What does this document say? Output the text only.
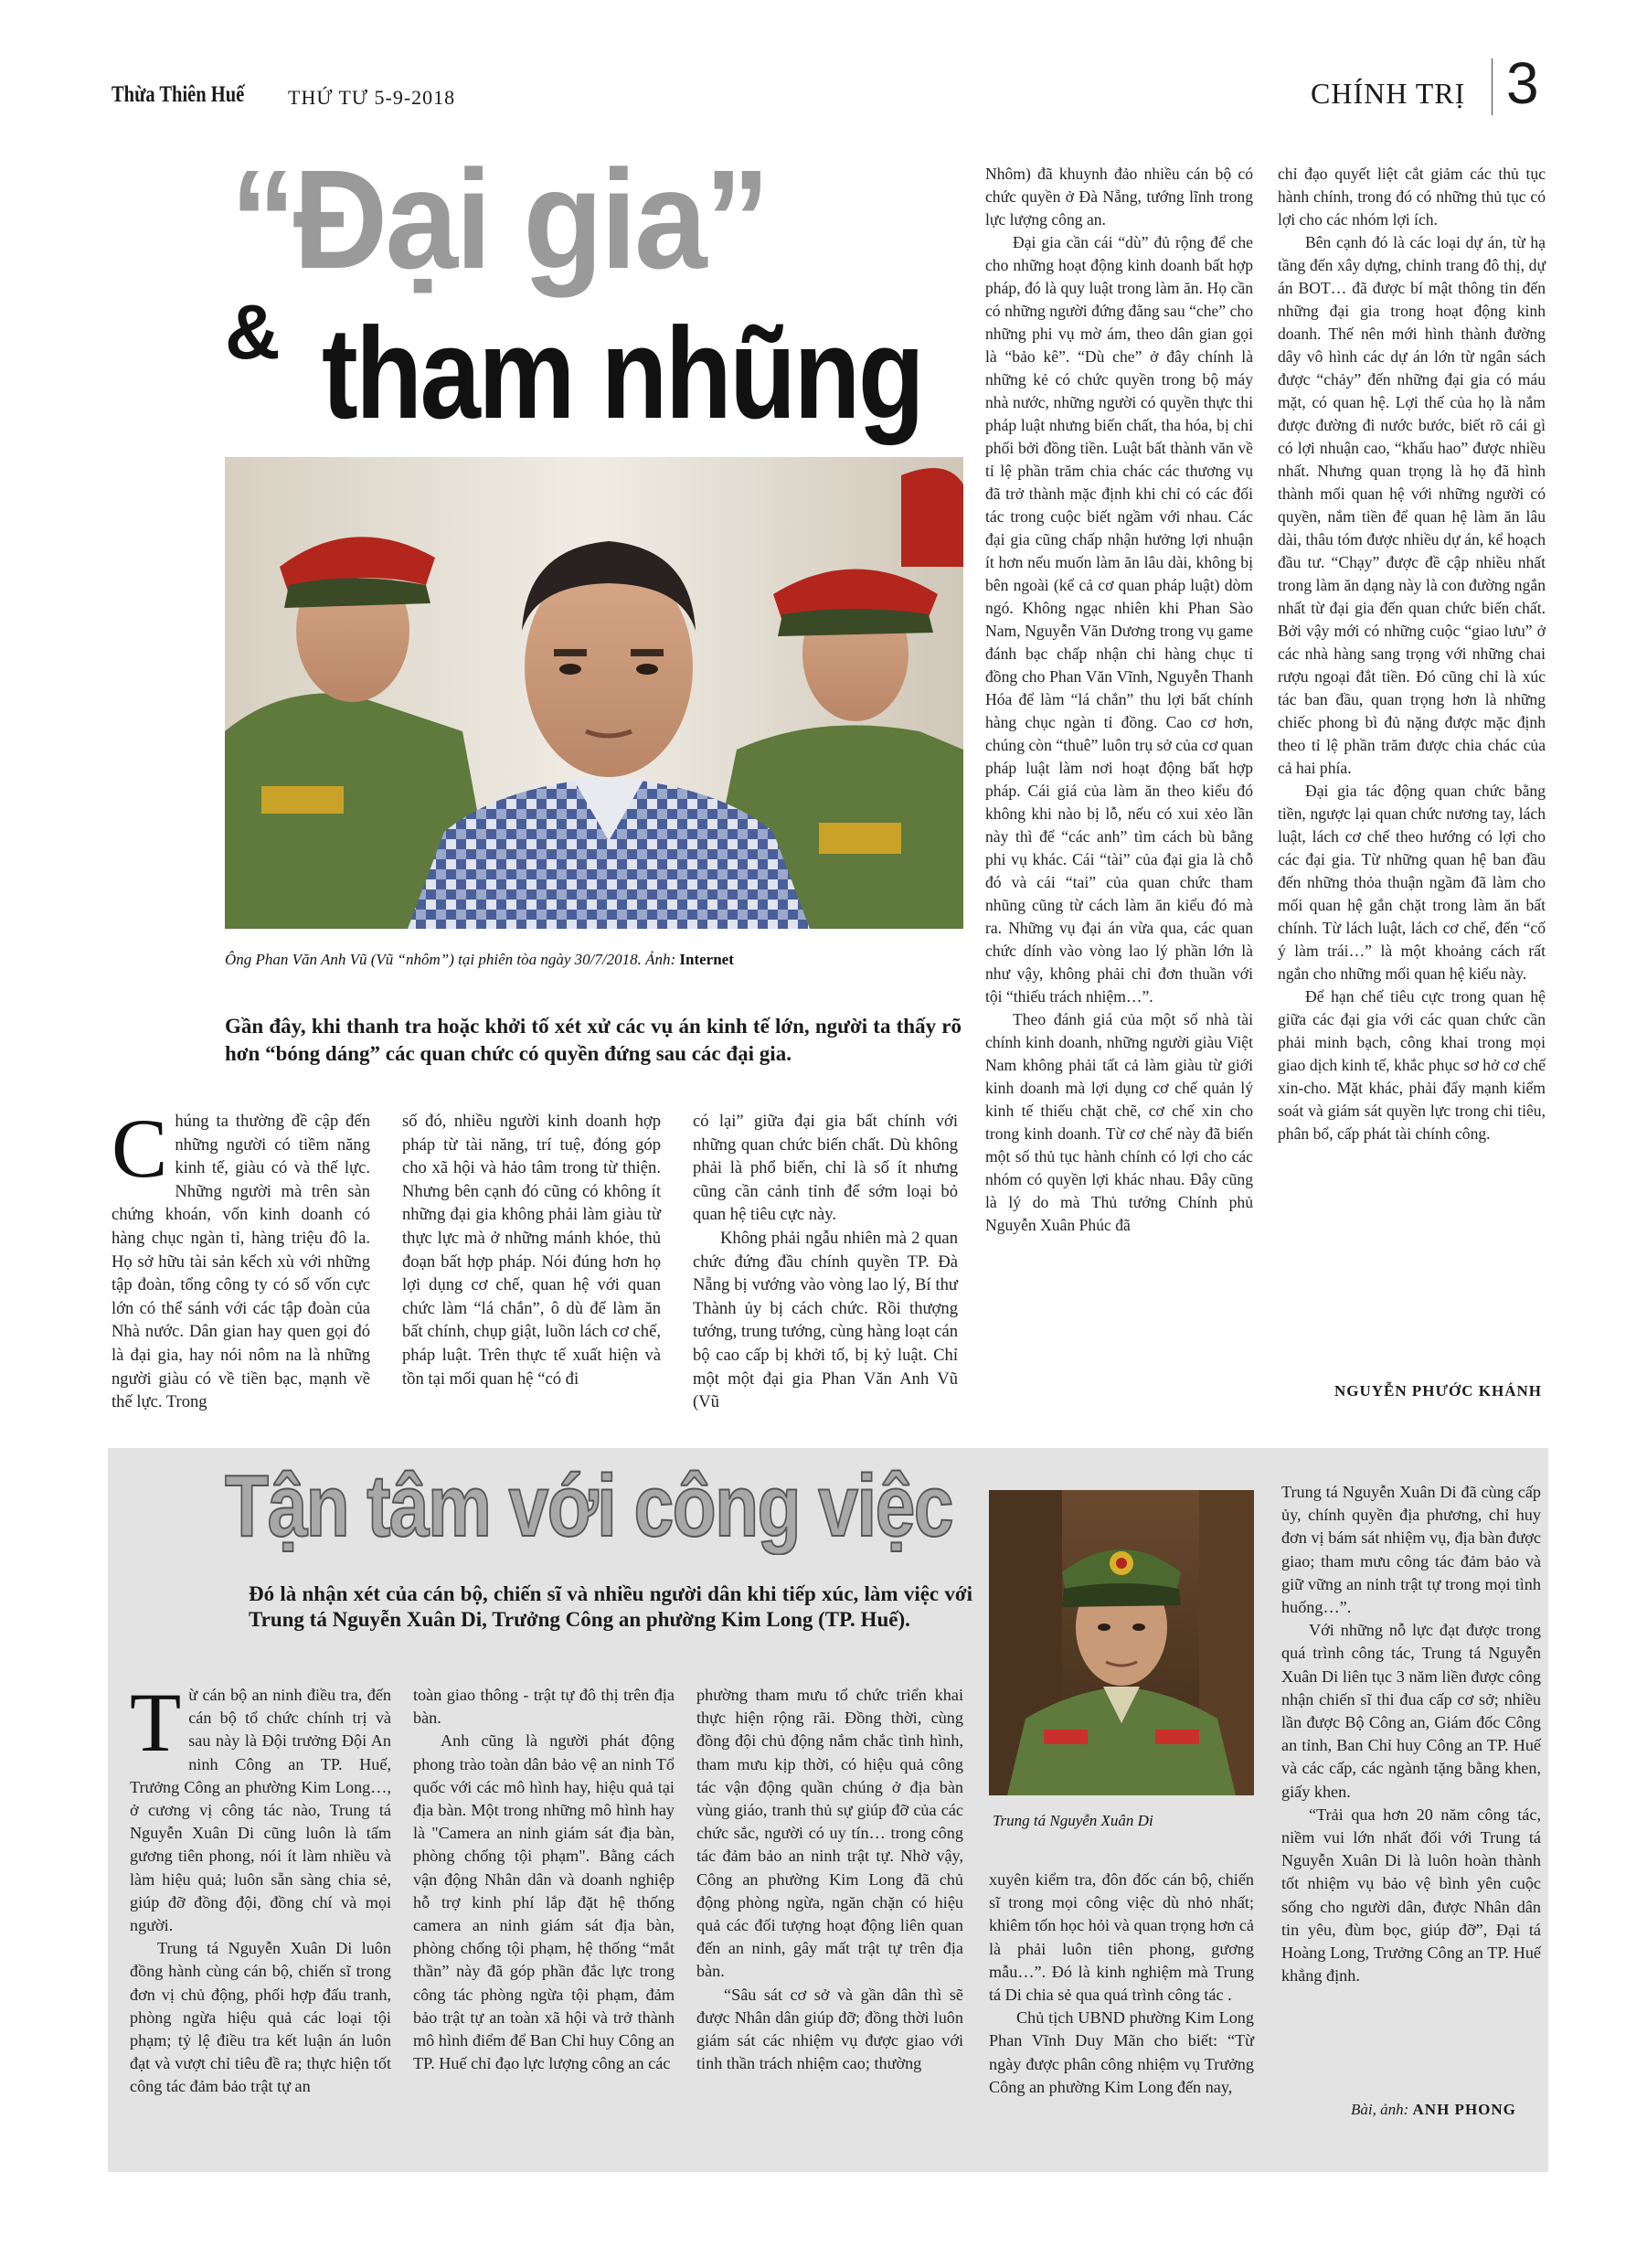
Thừa Thiên Huế THỨ TƯ 5-9-2018	CHÍNH TRỊ 3
“Đại gia”
& tham nhũng
Ông Phan Văn Anh Vũ (Vũ “nhôm”) tại phiên tòa ngày 30/7/2018. Ảnh: Internet
Gần đây, khi thanh tra hoặc khởi tố xét xử các vụ án kinh tế lớn, người ta thấy rõ hơn “bóng dáng” các quan chức có quyền đứng sau các đại gia.

Chúng ta thường đề cập đến những người có tiềm năng kinh tế, giàu có và thế lực. Những người mà trên sàn chứng khoán, vốn kinh doanh có hàng chục ngàn tỉ, hàng triệu đô la. Họ sở hữu tài sản kếch xù với những tập đoàn, tổng công ty có số vốn cực lớn có thể sánh với các tập đoàn của Nhà nước. Dân gian hay quen gọi đó là đại gia, hay nói nôm na là những người giàu có về tiền bạc, mạnh về thế lực. Trong

số đó, nhiều người kinh doanh hợp pháp từ tài năng, trí tuệ, đóng góp cho xã hội và hảo tâm trong từ thiện. Nhưng bên cạnh đó cũng có không ít những đại gia không phải làm giàu từ thực lực mà ở những mánh khóe, thủ đoạn bất hợp pháp. Nói đúng hơn họ lợi dụng cơ chế, quan hệ với quan chức làm “lá chắn”, ô dù để làm ăn bất chính, chụp giật, luồn lách cơ chế, pháp luật. Trên thực tế xuất hiện và tồn tại mối quan hệ “có đi

có lại” giữa đại gia bất chính với những quan chức biến chất. Dù không phải là phổ biến, chỉ là số ít nhưng cũng cần cảnh tỉnh để sớm loại bỏ quan hệ tiêu cực này.

Không phải ngẫu nhiên mà 2 quan chức đứng đầu chính quyền TP. Đà Nẵng bị vướng vào vòng lao lý, Bí thư Thành ủy bị cách chức. Rồi thượng tướng, trung tướng, cùng hàng loạt cán bộ cao cấp bị khởi tố, bị kỷ luật. Chỉ một một đại gia Phan Văn Anh Vũ (Vũ

Nhôm) đã khuynh đảo nhiều cán bộ có chức quyền ở Đà Nẵng, tướng lĩnh trong lực lượng công an.

Đại gia cần cái “dù” đủ rộng để che cho những hoạt động kinh doanh bất hợp pháp, đó là quy luật trong làm ăn. Họ cần có những người đứng đằng sau “che” cho những phi vụ mờ ám, theo dân gian gọi là “bảo kê”. “Dù che” ở đây chính là những kẻ có chức quyền trong bộ máy nhà nước, những người có quyền thực thi pháp luật nhưng biến chất, tha hóa, bị chi phối bởi đồng tiền. Luật bất thành văn về tỉ lệ phần trăm chia chác các thương vụ đã trở thành mặc định khi chỉ có các đối tác trong cuộc biết ngầm với nhau. Các đại gia cũng chấp nhận hưởng lợi nhuận ít hơn nếu muốn làm ăn lâu dài, không bị bên ngoài (kể cả cơ quan pháp luật) dòm ngó. Không ngạc nhiên khi Phan Sào Nam, Nguyễn Văn Dương trong vụ game đánh bạc chấp nhận chi hàng chục tỉ đồng cho Phan Văn Vĩnh, Nguyễn Thanh Hóa để làm “lá chắn” thu lợi bất chính hàng chục ngàn tỉ đồng. Cao cơ hơn, chúng còn “thuê” luôn trụ sở của cơ quan pháp luật làm nơi hoạt động bất hợp pháp. Cái giá của làm ăn theo kiểu đó không khi nào bị lỗ, nếu có xui xẻo lần này thì để “các anh” tìm cách bù bằng phi vụ khác. Cái “tài” của đại gia là chỗ đó và cái “tai” của quan chức tham nhũng cũng từ cách làm ăn kiểu đó mà ra. Những vụ đại án vừa qua, các quan chức dính vào vòng lao lý phần lớn là như vậy, không phải chỉ đơn thuần với tội “thiếu trách nhiệm…”.

Theo đánh giá của một số nhà tài chính kinh doanh, những người giàu Việt Nam không phải tất cả làm giàu từ giới kinh doanh mà lợi dụng cơ chế quản lý kinh tế thiếu chặt chẽ, cơ chế xin cho trong kinh doanh. Từ cơ chế này đã biến một số thủ tục hành chính có lợi cho các nhóm có quyền lợi khác nhau. Đây cũng là lý do mà Thủ tướng Chính phủ Nguyễn Xuân Phúc đã

chỉ đạo quyết liệt cắt giảm các thủ tục hành chính, trong đó có những thủ tục có lợi cho các nhóm lợi ích.

Bên cạnh đó là các loại dự án, từ hạ tầng đến xây dựng, chỉnh trang đô thị, dự án BOT… đã được bí mật thông tin đến những đại gia trong hoạt động kinh doanh. Thế nên mới hình thành đường dây vô hình các dự án lớn từ ngân sách được “chảy” đến những đại gia có máu mặt, có quan hệ. Lợi thế của họ là nắm được đường đi nước bước, biết rõ cái gì có lợi nhuận cao, “khấu hao” được nhiều nhất. Nhưng quan trọng là họ đã hình thành mối quan hệ với những người có quyền, nắm tiền để quan hệ làm ăn lâu dài, thâu tóm được nhiều dự án, kể hoạch đầu tư. “Chạy” được đề cập nhiều nhất trong làm ăn dạng này là con đường ngắn nhất từ đại gia đến quan chức biến chất. Bởi vậy mới có những cuộc “giao lưu” ở các nhà hàng sang trọng với những chai rượu ngoại đắt tiền. Đó cũng chỉ là xúc tác ban đầu, quan trọng hơn là những chiếc phong bì đủ nặng được mặc định theo tỉ lệ phần trăm được chia chác của cả hai phía.

Đại gia tác động quan chức bằng tiền, ngược lại quan chức nương tay, lách luật, lách cơ chế theo hướng có lợi cho các đại gia. Từ những quan hệ ban đầu đến những thỏa thuận ngầm đã làm cho mối quan hệ gắn chặt trong làm ăn bất chính. Từ lách luật, lách cơ chế, đến “cố ý làm trái…” là một khoảng cách rất ngắn cho những mối quan hệ kiểu này.

Để hạn chế tiêu cực trong quan hệ giữa các đại gia với các quan chức cần phải minh bạch, công khai trong mọi giao dịch kinh tế, khắc phục sơ hở cơ chế xin-cho. Mặt khác, phải đẩy mạnh kiểm soát và giám sát quyền lực trong chi tiêu, phân bổ, cấp phát tài chính công.

NGUYỄN PHƯỚC KHÁNH
Tận tâm với công việc
Đó là nhận xét của cán bộ, chiến sĩ và nhiều người dân khi tiếp xúc, làm việc với Trung tá Nguyễn Xuân Di, Trưởng Công an phường Kim Long (TP. Huế).
Trung tá Nguyễn Xuân Di

Từ cán bộ an ninh điều tra, đến cán bộ tổ chức chính trị và sau này là Đội trưởng Đội An ninh Công an TP. Huế, Trưởng Công an phường Kim Long…, ở cương vị công tác nào, Trung tá Nguyễn Xuân Di cũng luôn là tấm gương tiên phong, nói ít làm nhiều và làm hiệu quả; luôn sẵn sàng chia sẻ, giúp đỡ đồng đội, đồng chí và mọi người.

Trung tá Nguyễn Xuân Di luôn đồng hành cùng cán bộ, chiến sĩ trong đơn vị chủ động, phối hợp đấu tranh, phòng ngừa hiệu quả các loại tội phạm; tỷ lệ điều tra kết luận án luôn đạt và vượt chỉ tiêu đề ra; thực hiện tốt công tác đảm bảo trật tự an

toàn giao thông - trật tự đô thị trên địa bàn.

Anh cũng là người phát động phong trào toàn dân bảo vệ an ninh Tổ quốc với các mô hình hay, hiệu quả tại địa bàn. Một trong những mô hình hay là "Camera an ninh giám sát địa bàn, phòng chống tội phạm". Bằng cách vận động Nhân dân và doanh nghiệp hỗ trợ kinh phí lắp đặt hệ thống camera an ninh giám sát địa bàn, phòng chống tội phạm, hệ thống “mắt thần” này đã góp phần đắc lực trong công tác phòng ngừa tội phạm, đảm bảo trật tự an toàn xã hội và trở thành mô hình điểm để Ban Chỉ huy Công an TP. Huế chỉ đạo lực lượng công an các

phường tham mưu tổ chức triển khai thực hiện rộng rãi. Đồng thời, cùng đồng đội chủ động nắm chắc tình hình, tham mưu kịp thời, có hiệu quả công tác vận động quần chúng ở địa bàn vùng giáo, tranh thủ sự giúp đỡ của các chức sắc, người có uy tín… trong công tác đảm bảo an ninh trật tự. Nhờ vậy, Công an phường Kim Long đã chủ động phòng ngừa, ngăn chặn có hiệu quả các đối tượng hoạt động liên quan đến an ninh, gây mất trật tự trên địa bàn.

“Sâu sát cơ sở và gần dân thì sẽ được Nhân dân giúp đỡ; đồng thời luôn giám sát các nhiệm vụ được giao với tinh thần trách nhiệm cao; thường

xuyên kiểm tra, đôn đốc cán bộ, chiến sĩ trong mọi công việc dù nhỏ nhất; khiêm tốn học hỏi và quan trọng hơn cả là phải luôn tiên phong, gương mẫu…”. Đó là kinh nghiệm mà Trung tá Di chia sẻ qua quá trình công tác .

Chủ tịch UBND phường Kim Long Phan Vĩnh Duy Mãn cho biết: “Từ ngày được phân công nhiệm vụ Trưởng Công an phường Kim Long đến nay,

Trung tá Nguyễn Xuân Di đã cùng cấp ủy, chính quyền địa phương, chỉ huy đơn vị bám sát nhiệm vụ, địa bàn được giao; tham mưu công tác đảm bảo và giữ vững an ninh trật tự trong mọi tình huống…”.

Với những nỗ lực đạt được trong quá trình công tác, Trung tá Nguyễn Xuân Di liên tục 3 năm liền được công nhận chiến sĩ thi đua cấp cơ sở; nhiều lần được Bộ Công an, Giám đốc Công an tỉnh, Ban Chỉ huy Công an TP. Huế và các cấp, các ngành tặng bằng khen, giấy khen.

“Trải qua hơn 20 năm công tác, niềm vui lớn nhất đối với Trung tá Nguyễn Xuân Di là luôn hoàn thành tốt nhiệm vụ bảo vệ bình yên cuộc sống cho người dân, được Nhân dân tin yêu, đùm bọc, giúp đỡ”, Đại tá Hoàng Long, Trưởng Công an TP. Huế khẳng định.

Bài, ảnh: ANH PHONG
